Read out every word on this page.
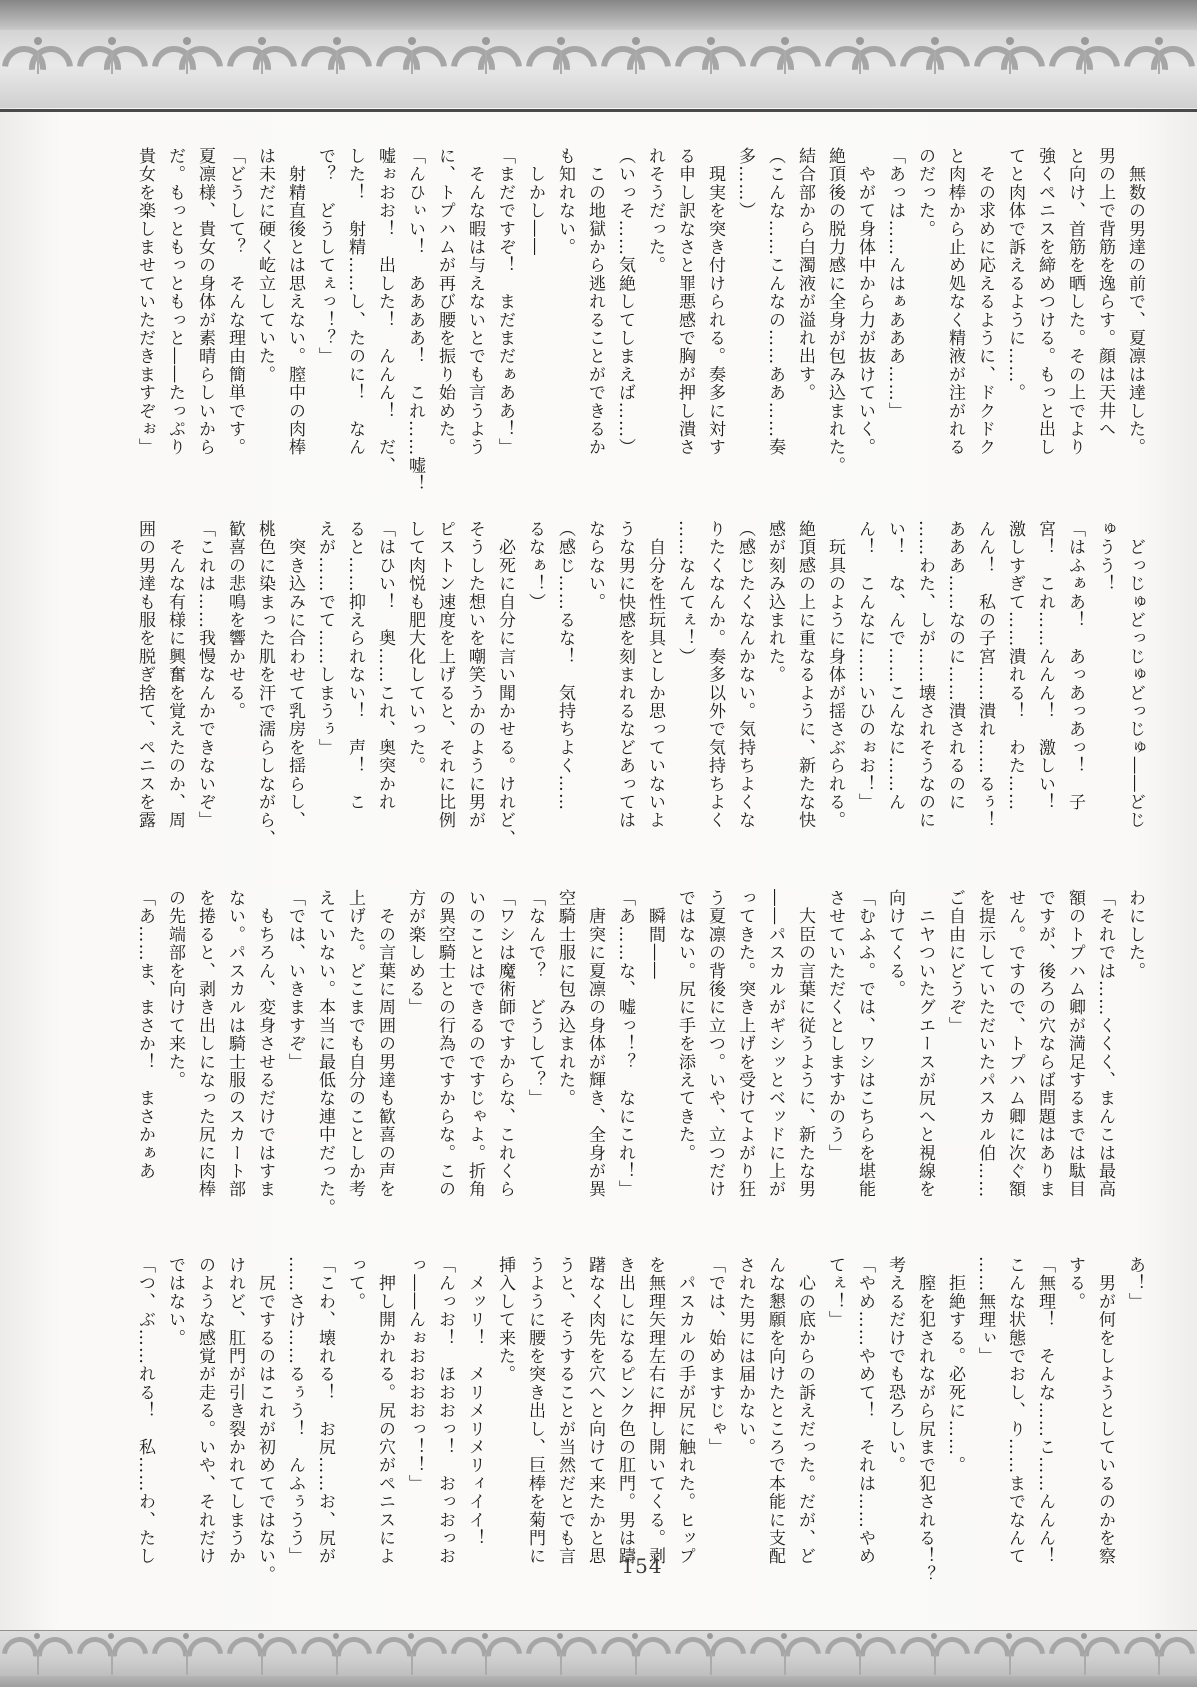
　無数の男達の前で、夏凛は達した。
男の上で背筋を逸らす。顔は天井へ
と向け、首筋を晒した。その上でより
強くペニスを締めつける。もっと出し
てと肉体で訴えるように……。
　その求めに応えるように、ドクドク
と肉棒から止め処なく精液が注がれる
のだった。
「あっは……んはぁあああ……」
　やがて身体中から力が抜けていく。
絶頂後の脱力感に全身が包み込まれた。
結合部から白濁液が溢れ出す。
（こんな……こんなの……ああ……奏
多……）
　現実を突き付けられる。奏多に対す
る申し訳なさと罪悪感で胸が押し潰さ
れそうだった。
（いっそ……気絶してしまえば……）
　この地獄から逃れることができるか
も知れない。
　しかし――
「まだですぞ！　まだまだぁああ！」
　そんな暇は与えないとでも言うよう
に、トプハムが再び腰を振り始めた。
「んひぃい！　ああああ！　これ……嘘！
嘘ぉおお！　出した！　んんん！　だ、
した！　射精……し、たのに！　なん
で？　どうしてぇっ！？」
　射精直後とは思えない。膣中の肉棒
は未だに硬く屹立していた。
「どうして？　そんな理由簡単です。
夏凛様、貴女の身体が素晴らしいから
だ。もっともっともっと――たっぷり
貴女を楽しませていただきますぞぉ」
　どっじゅどっじゅどっじゅ――どじ
ゅうう！
「はふぁあ！　あっあっあっ！　子
宮！　これ……んんん！　激しい！
激しすぎて……潰れる！　わた……
んん！　私の子宮……潰れ……るぅ！
あああ……なのに……潰されるのに
……わた、しが……壊されそうなのに
い！　な、んで……こんなに……ん
ん！　こんなに……いひのぉお！」
　玩具のように身体が揺さぶられる。
絶頂感の上に重なるように、新たな快
感が刻み込まれた。
（感じたくなんかない。気持ちよくな
りたくなんか。奏多以外で気持ちよく
……なんてぇ！）
　自分を性玩具としか思っていないよ
うな男に快感を刻まれるなどあっては
ならない。
（感じ……るな！　気持ちよく……
るなぁ！）
　必死に自分に言い聞かせる。けれど、
そうした想いを嘲笑うかのように男が
ピストン速度を上げると、それに比例
して肉悦も肥大化していった。
「はひい！　奥……これ、奥突かれ
ると……抑えられない！　声！　こ
えが……でて……しまうぅ」
　突き込みに合わせて乳房を揺らし、
桃色に染まった肌を汗で濡らしながら、
歓喜の悲鳴を響かせる。
「これは……我慢なんかできないぞ」
　そんな有様に興奮を覚えたのか、周
囲の男達も服を脱ぎ捨て、ペニスを露
わにした。
「それでは……くくく、まんこは最高
額のトプハム卿が満足するまでは駄目
ですが、後ろの穴ならば問題はありま
せん。ですので、トプハム卿に次ぐ額
を提示していただいたパスカル伯……
ご自由にどうぞ」
　ニヤついたグエースが尻へと視線を
向けてくる。
「むふふ。では、ワシはこちらを堪能
させていただくとしますかのう」
　大臣の言葉に従うように、新たな男
――パスカルがギシッとベッドに上が
ってきた。突き上げを受けてよがり狂
う夏凛の背後に立つ。いや、立つだけ
ではない。尻に手を添えてきた。
　瞬間――
「あ……な、嘘っ！？　なにこれ！」
　唐突に夏凛の身体が輝き、全身が異
空騎士服に包み込まれた。
「なんで？　どうして？」
「ワシは魔術師ですからな、これくら
いのことはできるのですじゃよ。折角
の異空騎士との行為ですからな。この
方が楽しめる」
　その言葉に周囲の男達も歓喜の声を
上げた。どこまでも自分のことしか考
えていない。本当に最低な連中だった。
「では、いきますぞ」
　もちろん、変身させるだけではすま
ない。パスカルは騎士服のスカート部
を捲ると、剥き出しになった尻に肉棒
の先端部を向けて来た。
「あ……ま、まさか！　まさかぁあ
あ！」
　男が何をしようとしているのかを察
する。
「無理！　そんな……こ……んんん！
こんな状態でおし、り……までなんて
……無理ぃ」
　拒絶する。必死に……。
　膣を犯されながら尻まで犯される！？
考えるだけでも恐ろしい。
「やめ……やめて！　それは……やめ
てぇ！」
　心の底からの訴えだった。だが、ど
んな懇願を向けたところで本能に支配
された男には届かない。
「では、始めますじゃ」
　パスカルの手が尻に触れた。ヒップ
を無理矢理左右に押し開いてくる。剥
き出しになるピンク色の肛門。男は躊
躇なく肉先を穴へと向けて来たかと思
うと、そうすることが当然だとでも言
うように腰を突き出し、巨棒を菊門に
挿入して来た。
　メッリ！　メリメリメリィイイ！
「んっお！　ほおおっ！　おっおっお
っ――んぉおおおおっ！！」
　押し開かれる。尻の穴がペニスによ
って。
「こわ、壊れる！　お尻……お、尻が
……さけ……るぅう！　んふぅうう」
　尻でするのはこれが初めてではない。
けれど、肛門が引き裂かれてしまうか
のような感覚が走る。いや、それだけ
ではない。
「つ、ぶ……れる！　私……わ、たし
154
